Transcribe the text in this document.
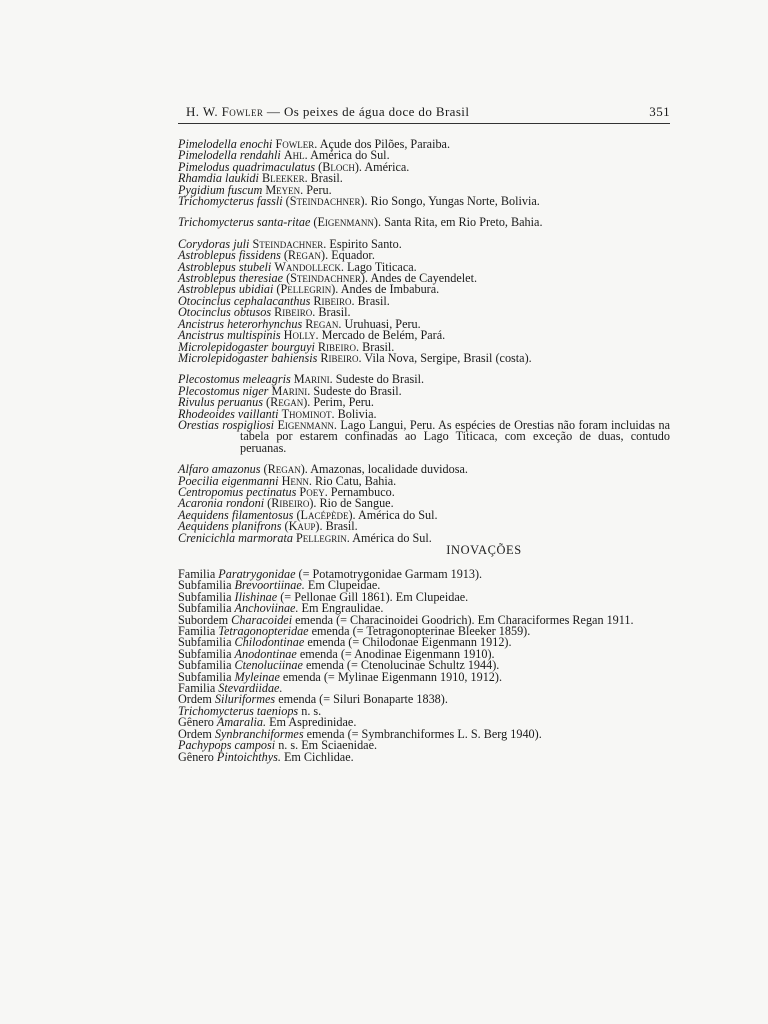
H. W. Fowler — Os peixes de água doce do Brasil	351
Pimelodella enochi Fowler. Açude dos Pilões, Paraiba.
Pimelodella rendahli Ahl. América do Sul.
Pimelodus quadrimaculatus (Bloch). América.
Rhamdia laukidi Bleeker. Brasil.
Pygidium fuscum Meyen. Peru.
Trichomycterus fassli (Steindachner). Rio Songo, Yungas Norte, Bolivia.
Trichomycterus santa-ritae (Eigenmann). Santa Rita, em Rio Preto, Bahia.
Corydoras juli Steindachner. Espirito Santo.
Astroblepus fissidens (Regan). Equador.
Astroblepus stubeli Wandolleck. Lago Titicaca.
Astroblepus theresiae (Steindachner). Andes de Cayendelet.
Astroblepus ubidiai (Pellegrin). Andes de Imbabura.
Otocinclus cephalacanthus Ribeiro. Brasil.
Otocinclus obtusos Ribeiro. Brasil.
Ancistrus heterorhynchus Regan. Uruhuasi, Peru.
Ancistrus multispinis Holly. Mercado de Belém, Pará.
Microlepidogaster bourguyi Ribeiro. Brasil.
Microlepidogaster bahiensis Ribeiro. Vila Nova, Sergipe, Brasil (costa).
Plecostomus meleagris Marini. Sudeste do Brasil.
Plecostomus niger Marini. Sudeste do Brasil.
Rivulus peruanus (Regan). Perim, Peru.
Rhodeoides vaillanti Thominot. Bolivia.
Orestias rospigliosi Eigenmann. Lago Langui, Peru. As espécies de Orestias não foram incluidas na tabela por estarem confinadas ao Lago Titicaca, com exceção de duas, contudo peruanas.
Alfaro amazonus (Regan). Amazonas, localidade duvidosa.
Poecilia eigenmanni Henn. Rio Catu, Bahia.
Centropomus pectinatus Poey. Pernambuco.
Acaronia rondoni (Ribeiro). Rio de Sangue.
Aequidens filamentosus (Lacépède). América do Sul.
Aequidens planifrons (Kaup). Brasil.
Crenicichla marmorata Pellegrin. América do Sul.
INOVAÇÕES
Familia Paratrygonidae (= Potamotrygonidae Garmam 1913).
Subfamilia Brevoortiinae. Em Clupeidae.
Subfamilia Ilishinae (= Pellonae Gill 1861). Em Clupeidae.
Subfamilia Anchoviinae. Em Engraulidae.
Subordem Characoidei emenda (= Characinoidei Goodrich). Em Characiformes Regan 1911.
Familia Tetragonopteridae emenda (= Tetragonopterinae Bleeker 1859).
Subfamilia Chilodontinae emenda (= Chilodonae Eigenmann 1912).
Subfamilia Anodontinae emenda (= Anodinae Eigenmann 1910).
Subfamilia Ctenoluciinae emenda (= Ctenolucinae Schultz 1944).
Subfamilia Myleinae emenda (= Mylinae Eigenmann 1910, 1912).
Familia Stevardiidae.
Ordem Siluriformes emenda (= Siluri Bonaparte 1838).
Trichomycterus taeniops n. s.
Gênero Amaralia. Em Aspredinidae.
Ordem Synbranchiformes emenda (= Symbranchiformes L. S. Berg 1940).
Pachypops camposi n. s. Em Sciaenidae.
Gênero Pintoichthys. Em Cichlidae.
